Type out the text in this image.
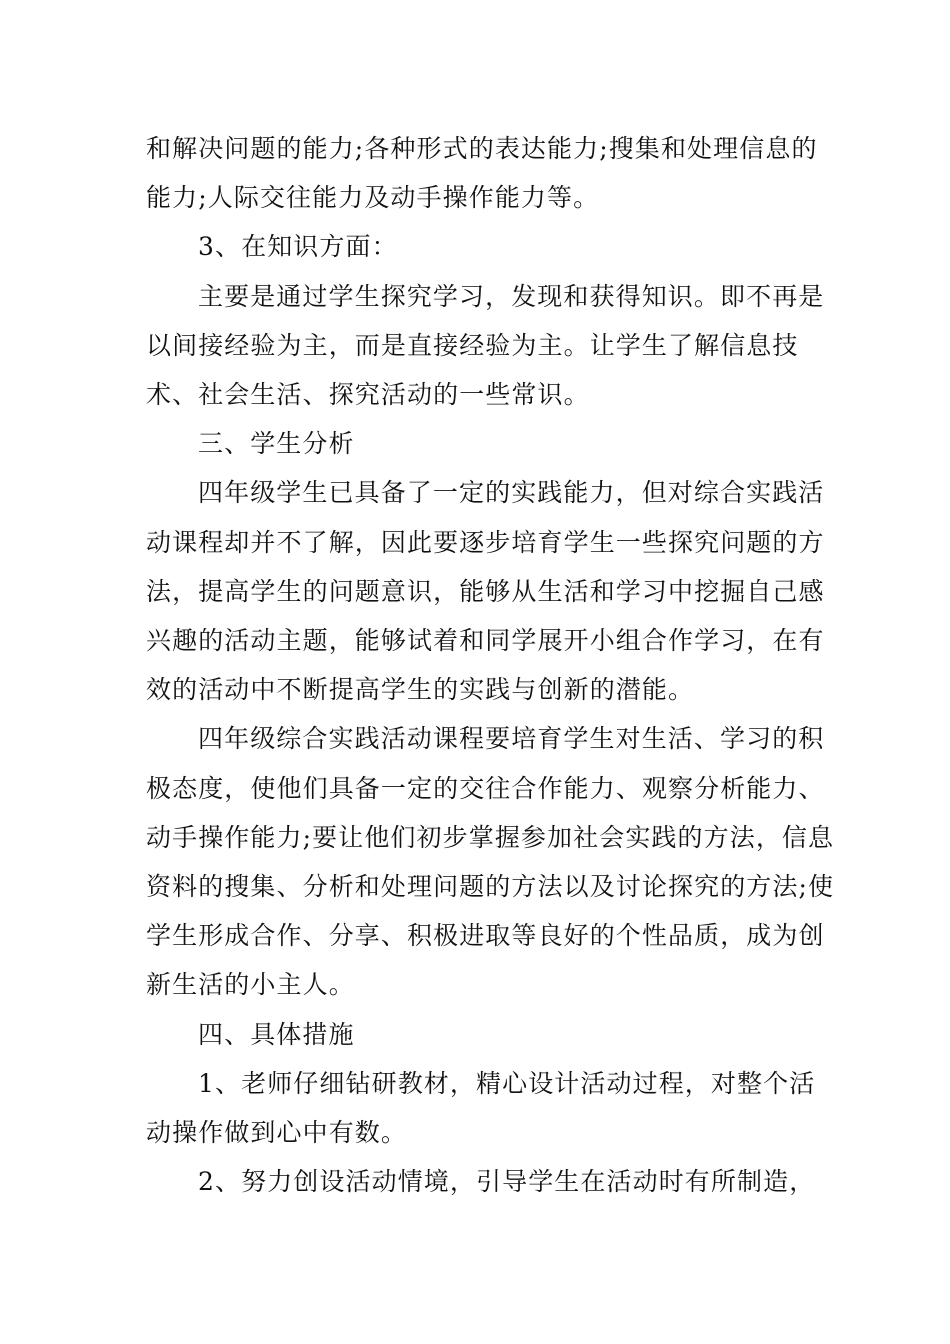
和解决问题的能力;各种形式的表达能力;搜集和处理信息的能力;人际交往能力及动手操作能力等。

3、在知识方面：

主要是通过学生探究学习，发现和获得知识。即不再是以间接经验为主，而是直接经验为主。让学生了解信息技术、社会生活、探究活动的一些常识。

三、学生分析

四年级学生已具备了一定的实践能力，但对综合实践活动课程却并不了解，因此要逐步培育学生一些探究问题的方法，提高学生的问题意识，能够从生活和学习中挖掘自己感兴趣的活动主题，能够试着和同学展开小组合作学习，在有效的活动中不断提高学生的实践与创新的潜能。

四年级综合实践活动课程要培育学生对生活、学习的积极态度，使他们具备一定的交往合作能力、观察分析能力、动手操作能力;要让他们初步掌握参加社会实践的方法，信息资料的搜集、分析和处理问题的方法以及讨论探究的方法;使学生形成合作、分享、积极进取等良好的个性品质，成为创新生活的小主人。

四、具体措施

1、老师仔细钻研教材，精心设计活动过程，对整个活动操作做到心中有数。

2、努力创设活动情境，引导学生在活动时有所制造，
